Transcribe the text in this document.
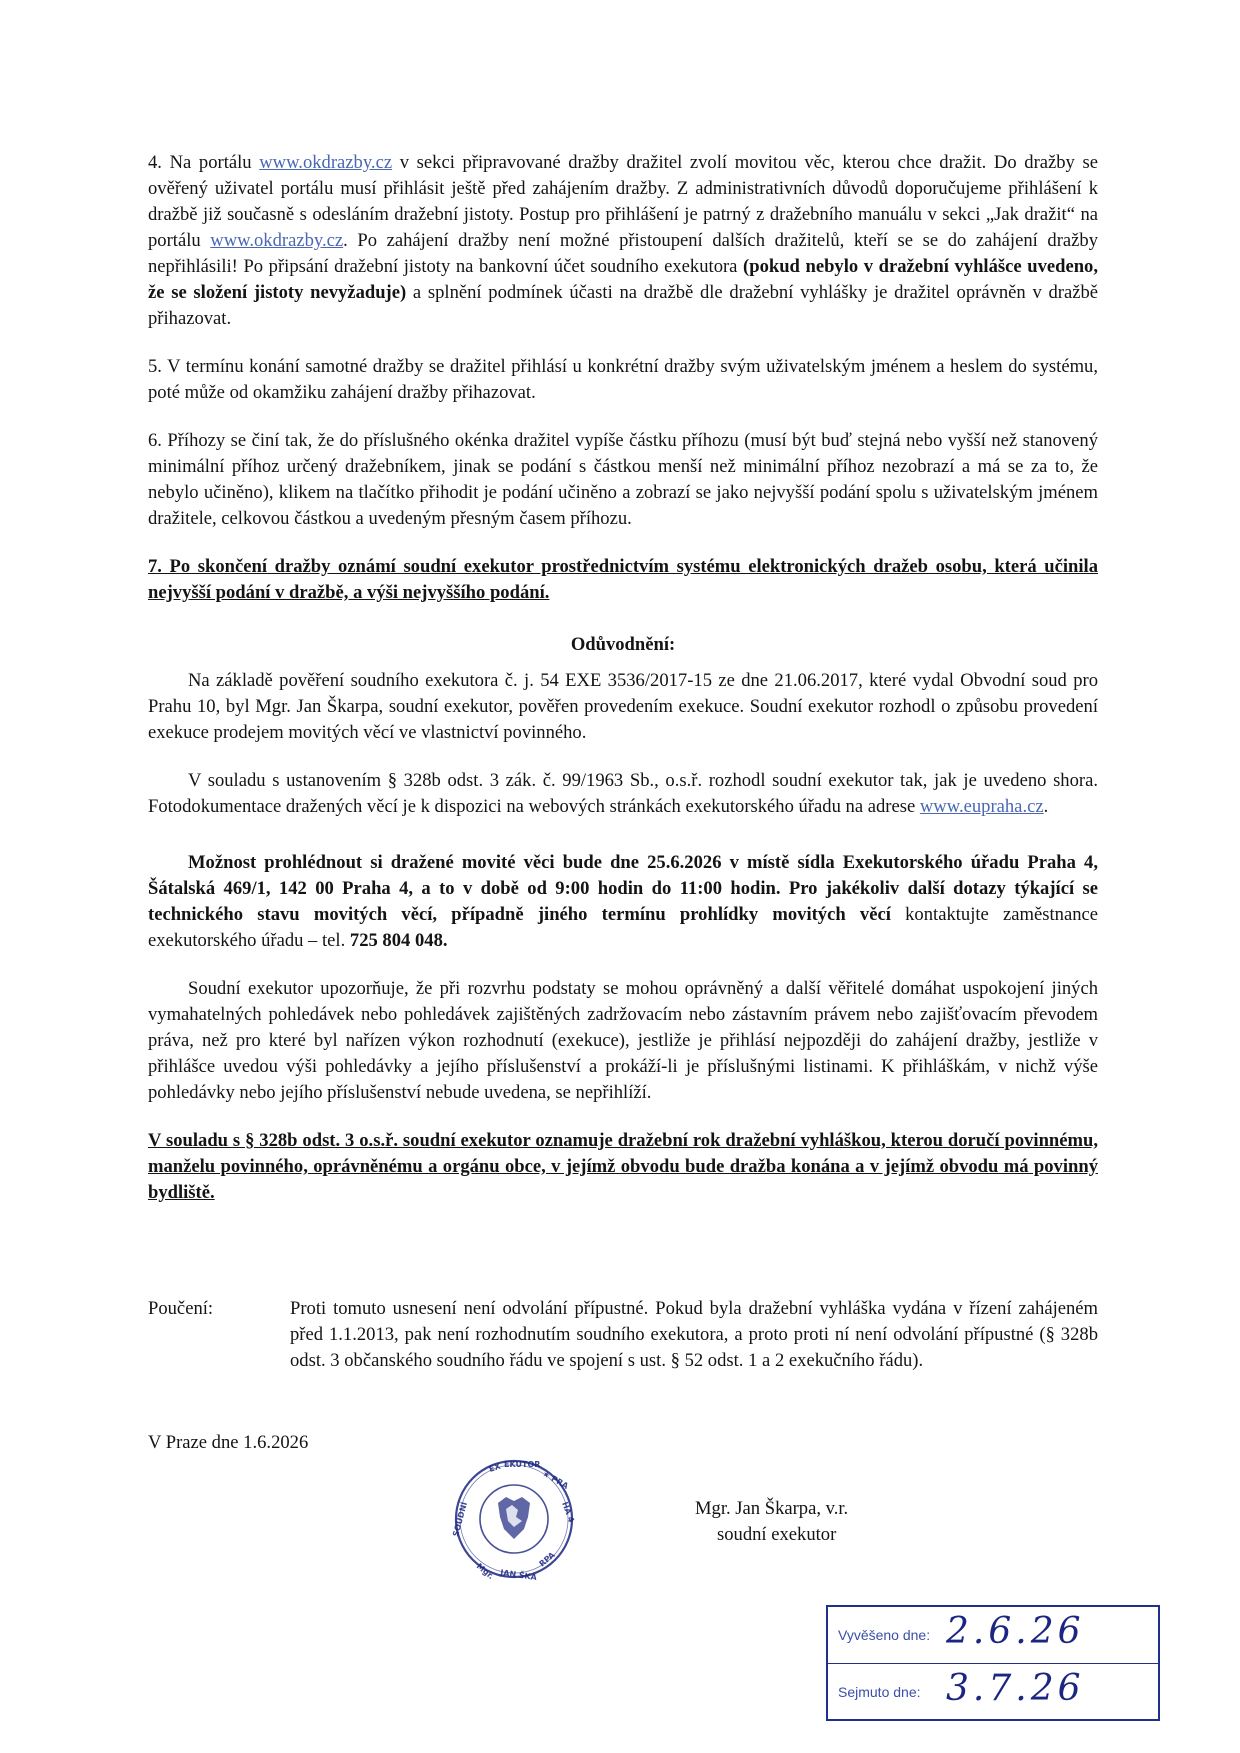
4. Na portálu www.okdrazby.cz v sekci připravované dražby dražitel zvolí movitou věc, kterou chce dražit. Do dražby se ověřený uživatel portálu musí přihlásit ještě před zahájením dražby. Z administrativních důvodů doporučujeme přihlášení k dražbě již současně s odesláním dražební jistoty. Postup pro přihlášení je patrný z dražebního manuálu v sekci „Jak dražit“ na portálu www.okdrazby.cz. Po zahájení dražby není možné přistoupení dalších dražitelů, kteří se se do zahájení dražby nepřihlásili! Po připsání dražební jistoty na bankovní účet soudního exekutora (pokud nebylo v dražební vyhlášce uvedeno, že se složení jistoty nevyžaduje) a splnění podmínek účasti na dražbě dle dražební vyhlášky je dražitel oprávněn v dražbě přihazovat.

5. V termínu konání samotné dražby se dražitel přihlásí u konkrétní dražby svým uživatelským jménem a heslem do systému, poté může od okamžiku zahájení dražby přihazovat.

6. Příhozy se činí tak, že do příslušného okénka dražitel vypíše částku příhozu (musí být buď stejná nebo vyšší než stanovený minimální příhoz určený dražebníkem, jinak se podání s částkou menší než minimální příhoz nezobrazí a má se za to, že nebylo učiněno), klikem na tlačítko přihodit je podání učiněno a zobrazí se jako nejvyšší podání spolu s uživatelským jménem dražitele, celkovou částkou a uvedeným přesným časem příhozu.

7. Po skončení dražby oznámí soudní exekutor prostřednictvím systému elektronických dražeb osobu, která učinila nejvyšší podání v dražbě, a výši nejvyššího podání.

Odůvodnění:

Na základě pověření soudního exekutora č. j. 54 EXE 3536/2017-15 ze dne 21.06.2017, které vydal Obvodní soud pro Prahu 10, byl Mgr. Jan Škarpa, soudní exekutor, pověřen provedením exekuce. Soudní exekutor rozhodl o způsobu provedení exekuce prodejem movitých věcí ve vlastnictví povinného.

V souladu s ustanovením § 328b odst. 3 zák. č. 99/1963 Sb., o.s.ř. rozhodl soudní exekutor tak, jak je uvedeno shora. Fotodokumentace dražených věcí je k dispozici na webových stránkách exekutorského úřadu na adrese www.eupraha.cz.

Možnost prohlédnout si dražené movité věci bude dne 25.6.2026 v místě sídla Exekutorského úřadu Praha 4, Šátalská 469/1, 142 00 Praha 4, a to v době od 9:00 hodin do 11:00 hodin. Pro jakékoliv další dotazy týkající se technického stavu movitých věcí, případně jiného termínu prohlídky movitých věcí kontaktujte zaměstnance exekutorského úřadu – tel. 725 804 048.

Soudní exekutor upozorňuje, že při rozvrhu podstaty se mohou oprávněný a další věřitelé domáhat uspokojení jiných vymahatelných pohledávek nebo pohledávek zajištěných zadržovacím nebo zástavním právem nebo zajišťovacím převodem práva, než pro které byl nařízen výkon rozhodnutí (exekuce), jestliže je přihlásí nejpozději do zahájení dražby, jestliže v přihlášce uvedou výši pohledávky a jejího příslušenství a prokáží-li je příslušnými listinami. K přihláškám, v nichž výše pohledávky nebo jejího příslušenství nebude uvedena, se nepřihlíží.

V souladu s § 328b odst. 3 o.s.ř. soudní exekutor oznamuje dražební rok dražební vyhláškou, kterou doručí povinnému, manželu povinného, oprávněnému a orgánu obce, v jejímž obvodu bude dražba konána a v jejímž obvodu má povinný bydliště.

Poučení:	Proti tomuto usnesení není odvolání přípustné. Pokud byla dražební vyhláška vydána v řízení zahájeném před 1.1.2013, pak není rozhodnutím soudního exekutora, a proto proti ní není odvolání přípustné (§ 328b odst. 3 občanského soudního řádu ve spojení s ust. § 52 odst. 1 a 2 exekučního řádu).
V Praze dne 1.6.2026
EX EKUTOR
★ PRA
HA 4
SOUDNÍ
Mgr. JAN ŠKA
RPA
Mgr. Jan Škarpa, v.r.
soudní exekutor
Vyvěšeno dne: 2.6.26
Sejmuto dne: 3.7.26
